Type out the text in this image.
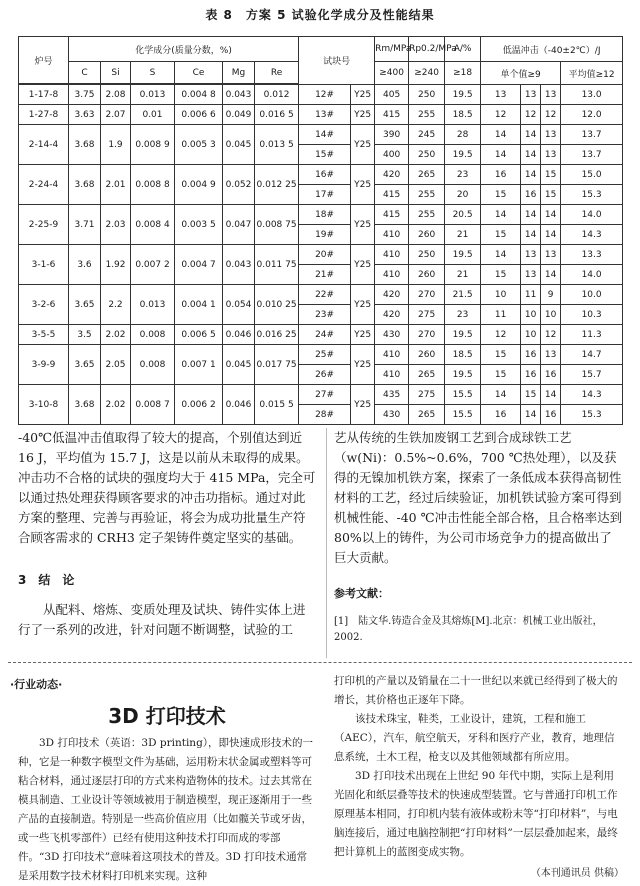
表 8　方案 5 试验化学成分及性能结果
炉号	化学成分(质量分数，%)						试块号		Rm/MPa	Rp0.2/MPa	A/%	低温冲击（-40±2℃）/J			
	C	Si	S	Ce	Mg	Re			≥400	≥240	≥18	单个值≥9			平均值≥12

1-17-8	3.75	2.08	0.013	0.004 8	0.043	0.012	12#	Y25	405	250	19.5	13	13	13	13.0
1-27-8	3.63	2.07	0.01	0.006 6	0.049	0.016 5	13#	Y25	415	255	18.5	12	12	12	12.0
2-14-4	3.68	1.9	0.008 9	0.005 3	0.045	0.013 5	14#	Y25	390	245	28	14	14	13	13.7
							15#		400	250	19.5	14	14	13	13.7
2-24-4	3.68	2.01	0.008 8	0.004 9	0.052	0.012 25	16#	Y25	420	265	23	16	14	15	15.0
							17#		415	255	20	15	16	15	15.3
2-25-9	3.71	2.03	0.008 4	0.003 5	0.047	0.008 75	18#	Y25	415	255	20.5	14	14	14	14.0
							19#		410	260	21	15	14	14	14.3
3-1-6	3.6	1.92	0.007 2	0.004 7	0.043	0.011 75	20#	Y25	410	250	19.5	14	13	13	13.3
							21#		410	260	21	15	13	14	14.0
3-2-6	3.65	2.2	0.013	0.004 1	0.054	0.010 25	22#	Y25	420	270	21.5	10	11	9	10.0
							23#		420	275	23	11	10	10	10.3
3-5-5	3.5	2.02	0.008	0.006 5	0.046	0.016 25	24#	Y25	430	270	19.5	12	10	12	11.3
3-9-9	3.65	2.05	0.008	0.007 1	0.045	0.017 75	25#	Y25	410	260	18.5	15	16	13	14.7
							26#		410	265	19.5	15	16	16	15.7
3-10-8	3.68	2.02	0.008 7	0.006 2	0.046	0.015 5	27#	Y25	435	275	15.5	14	15	14	14.3
							28#		430	265	15.5	16	14	16	15.3

-40℃低温冲击值取得了较大的提高，个别值达到近 16 J，平均值为 15.7 J，这是以前从未取得的成果。冲击功不合格的试块的强度均大于 415 MPa，完全可以通过热处理获得顾客要求的冲击功指标。通过对此方案的整理、完善与再验证，将会为成功批量生产符合顾客需求的 CRH3 定子架铸件奠定坚实的基础。

3　结　论

从配料、熔炼、变质处理及试块、铸件实体上进行了一系列的改进，针对问题不断调整，试验的工

艺从传统的生铁加废钢工艺到合成球铁工艺（w(Ni)：0.5%~0.6%，700 ℃热处理），以及获得的无镍加机铁方案，探索了一条低成本获得高韧性材料的工艺，经过后续验证，加机铁试验方案可得到机械性能、-40 ℃冲击性能全部合格，且合格率达到 80%以上的铸件，为公司市场竞争力的提高做出了巨大贡献。

参考文献：

[1]　陆文华.铸造合金及其熔炼[M].北京：机械工业出版社，2002.

·行业动态·
3D 打印技术

3D 打印技术（英语：3D printing），即快速成形技术的一种，它是一种数字模型文件为基础，运用粉末状金属或塑料等可粘合材料，通过逐层打印的方式来构造物体的技术。过去其常在模具制造、工业设计等领域被用于制造模型，现正逐渐用于一些产品的直接制造。特别是一些高价值应用（比如髋关节或牙齿，或一些飞机零部件）已经有使用这种技术打印而成的零部件。“3D 打印技术”意味着这项技术的普及。3D 打印技术通常是采用数字技术材料打印机来实现。这种

打印机的产量以及销量在二十一世纪以来就已经得到了极大的增长，其价格也正逐年下降。

该技术珠宝，鞋类，工业设计，建筑，工程和施工（AEC），汽车，航空航天，牙科和医疗产业，教育，地理信息系统，土木工程，枪支以及其他领域都有所应用。

3D 打印技术出现在上世纪 90 年代中期，实际上是利用光固化和纸层叠等技术的快速成型装置。它与普通打印机工作原理基本相同，打印机内装有液体或粉末等“打印材料”，与电脑连接后，通过电脑控制把“打印材料”一层层叠加起来，最终把计算机上的蓝图变成实物。

（本刊通讯员 供稿）
